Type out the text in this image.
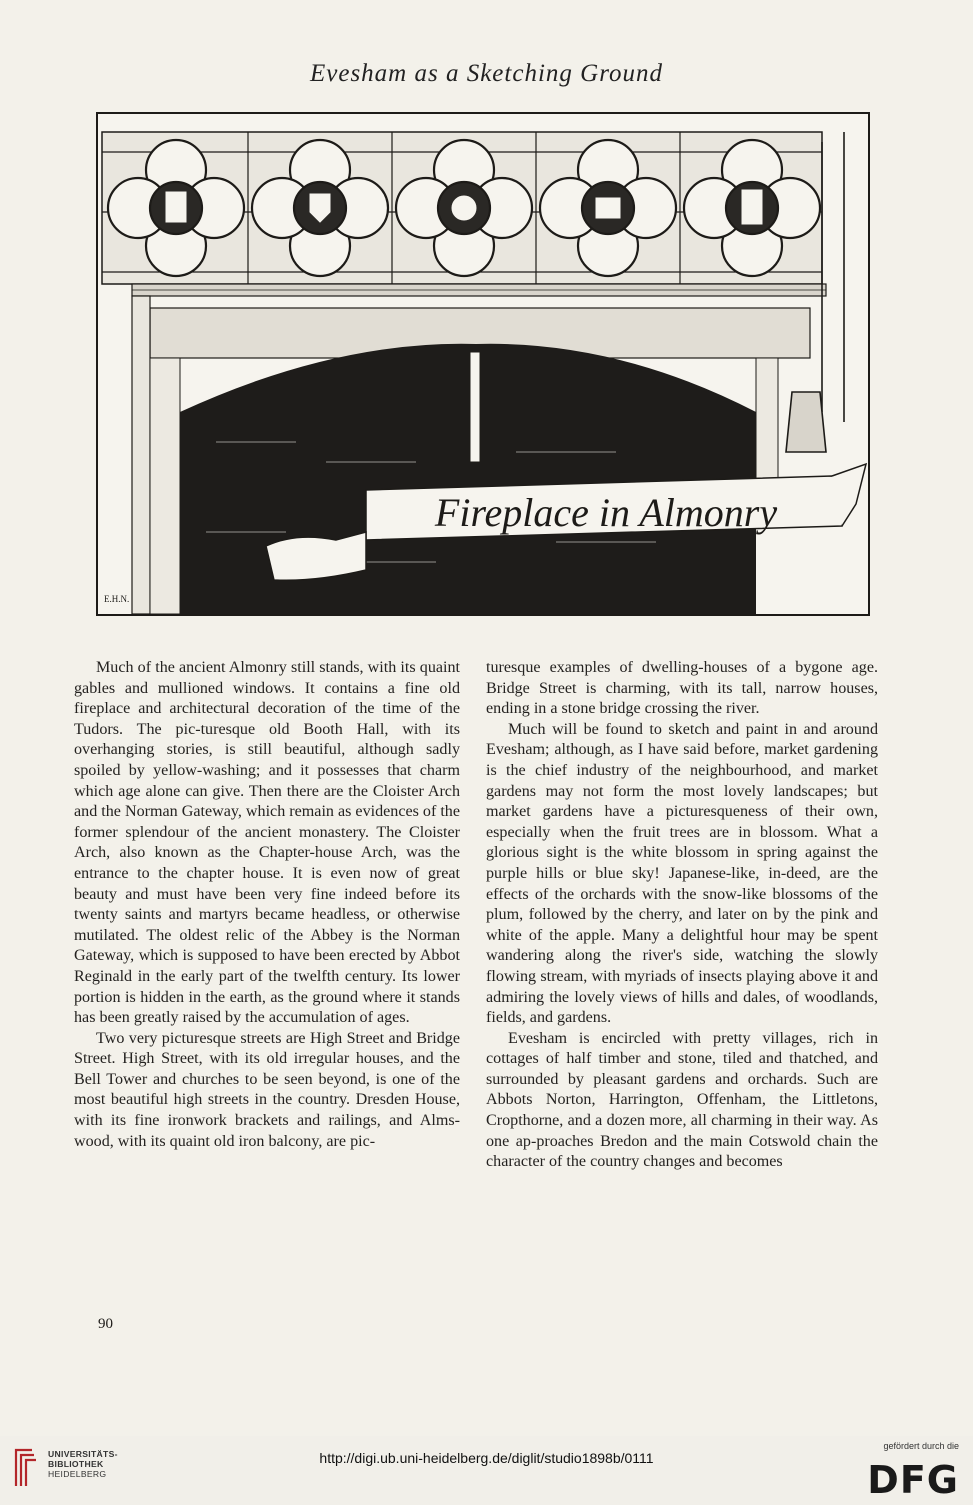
Evesham as a Sketching Ground
Fireplace in Almonry
E.H.N.

Much of the ancient Almonry still stands, with its quaint gables and mullioned windows. It contains a fine old fireplace and architectural decoration of the time of the Tudors. The pic-turesque old Booth Hall, with its overhanging stories, is still beautiful, although sadly spoiled by yellow-washing; and it possesses that charm which age alone can give. Then there are the Cloister Arch and the Norman Gateway, which remain as evidences of the former splendour of the ancient monastery. The Cloister Arch, also known as the Chapter-house Arch, was the entrance to the chapter house. It is even now of great beauty and must have been very fine indeed before its twenty saints and martyrs became headless, or otherwise mutilated. The oldest relic of the Abbey is the Norman Gateway, which is supposed to have been erected by Abbot Reginald in the early part of the twelfth century. Its lower portion is hidden in the earth, as the ground where it stands has been greatly raised by the accumulation of ages.

Two very picturesque streets are High Street and Bridge Street. High Street, with its old irregular houses, and the Bell Tower and churches to be seen beyond, is one of the most beautiful high streets in the country. Dresden House, with its fine ironwork brackets and railings, and Alms-wood, with its quaint old iron balcony, are pic-

turesque examples of dwelling-houses of a bygone age. Bridge Street is charming, with its tall, narrow houses, ending in a stone bridge crossing the river.

Much will be found to sketch and paint in and around Evesham; although, as I have said before, market gardening is the chief industry of the neighbourhood, and market gardens may not form the most lovely landscapes; but market gardens have a picturesqueness of their own, especially when the fruit trees are in blossom. What a glorious sight is the white blossom in spring against the purple hills or blue sky! Japanese-like, in-deed, are the effects of the orchards with the snow-like blossoms of the plum, followed by the cherry, and later on by the pink and white of the apple. Many a delightful hour may be spent wandering along the river's side, watching the slowly flowing stream, with myriads of insects playing above it and admiring the lovely views of hills and dales, of woodlands, fields, and gardens.

Evesham is encircled with pretty villages, rich in cottages of half timber and stone, tiled and thatched, and surrounded by pleasant gardens and orchards. Such are Abbots Norton, Harrington, Offenham, the Littletons, Cropthorne, and a dozen more, all charming in their way. As one ap-proaches Bredon and the main Cotswold chain the character of the country changes and becomes

90
UNIVERSITÄTS-
BIBLIOTHEK
HEIDELBERG
http://digi.ub.uni-heidelberg.de/diglit/studio1898b/0111
gefördert durch die
DFG
